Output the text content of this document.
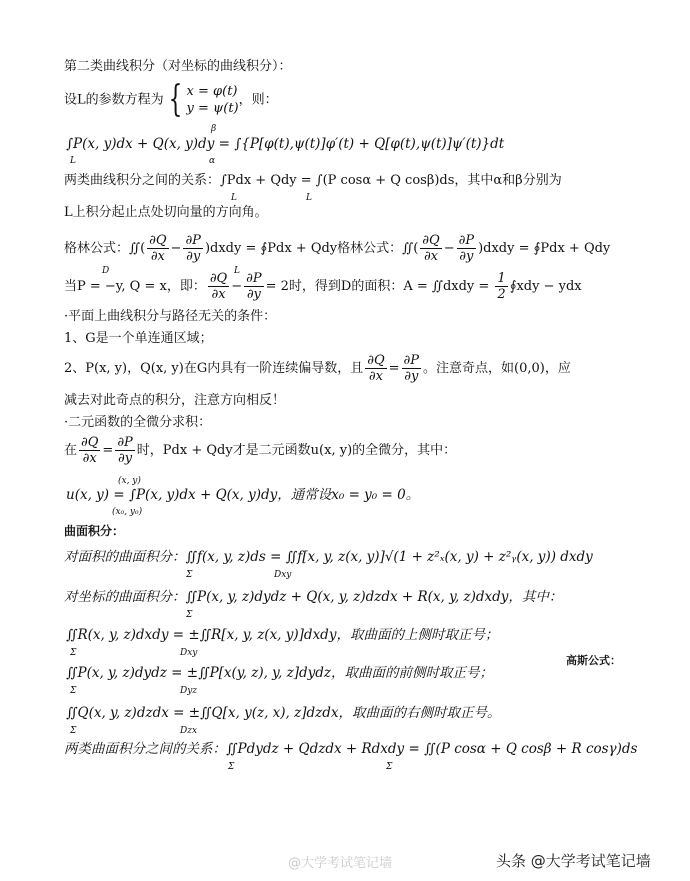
第二类曲线积分（对坐标的曲线积分）：
设L的参数方程为 { x = φ(t)
y = ψ(t)，则：
β
∫P(x, y)dx + Q(x, y)dy = ∫{P[φ(t),ψ(t)]φ′(t) + Q[φ(t),ψ(t)]ψ′(t)}dt
L	α
两类曲线积分之间的关系：∫Pdx + Qdy = ∫(P cosα + Q cosβ)ds，其中α和β分别为
L	L
L上积分起止点处切向量的方向角。
格林公式：∬( $\frac{\partial Q}{\partial x} - \frac{\partial P}{\partial y}$ )dxdy = ∮Pdx + Qdy格林公式：∬( $\frac{\partial Q}{\partial x} - \frac{\partial P}{\partial y}$ )dxdy = ∮Pdx + Qdy
D	L
当P = −y, Q = x，即： $\frac{\partial Q}{\partial x} - \frac{\partial P}{\partial y} = 2$时，得到D的面积：A = ∬dxdy = $\frac{1}{2}$ ∮xdy − ydx
·平面上曲线积分与路径无关的条件：
1、G是一个单连通区域；
2、P(x, y)，Q(x, y)在G内具有一阶连续偏导数，且 $\frac{\partial Q}{\partial x} = \frac{\partial P}{\partial y}$ 。注意奇点，如(0,0)，应
减去对此奇点的积分，注意方向相反！
·二元函数的全微分求积：
在 $\frac{\partial Q}{\partial x} = \frac{\partial P}{\partial y}$ 时，Pdx + Qdy才是二元函数u(x, y)的全微分，其中：
(x, y)
u(x, y) = ∫P(x, y)dx + Q(x, y)dy，通常设x₀ = y₀ = 0。
(x₀, y₀)
曲面积分：
对面积的曲面积分：∬f(x, y, z)ds = ∬f[x, y, z(x, y)]√(1 + z²ₓ(x, y) + z²ᵧ(x, y)) dxdy
Σ	Dxy
对坐标的曲面积分：∬P(x, y, z)dydz + Q(x, y, z)dzdx + R(x, y, z)dxdy，其中：
Σ
∬R(x, y, z)dxdy = ±∬R[x, y, z(x, y)]dxdy，取曲面的上侧时取正号；
Σ	Dxy
∬P(x, y, z)dydz = ±∬P[x(y, z), y, z]dydz，取曲面的前侧时取正号；
Σ	Dyz
高斯公式：
∬Q(x, y, z)dzdx = ±∬Q[x, y(z, x), z]dzdx，取曲面的右侧时取正号。
Σ	Dzx
两类曲面积分之间的关系：∬Pdydz + Qdzdx + Rdxdy = ∬(P cosα + Q cosβ + R cosγ)ds
Σ	Σ
@大学考试笔记墙	头条 @大学考试笔记墙
